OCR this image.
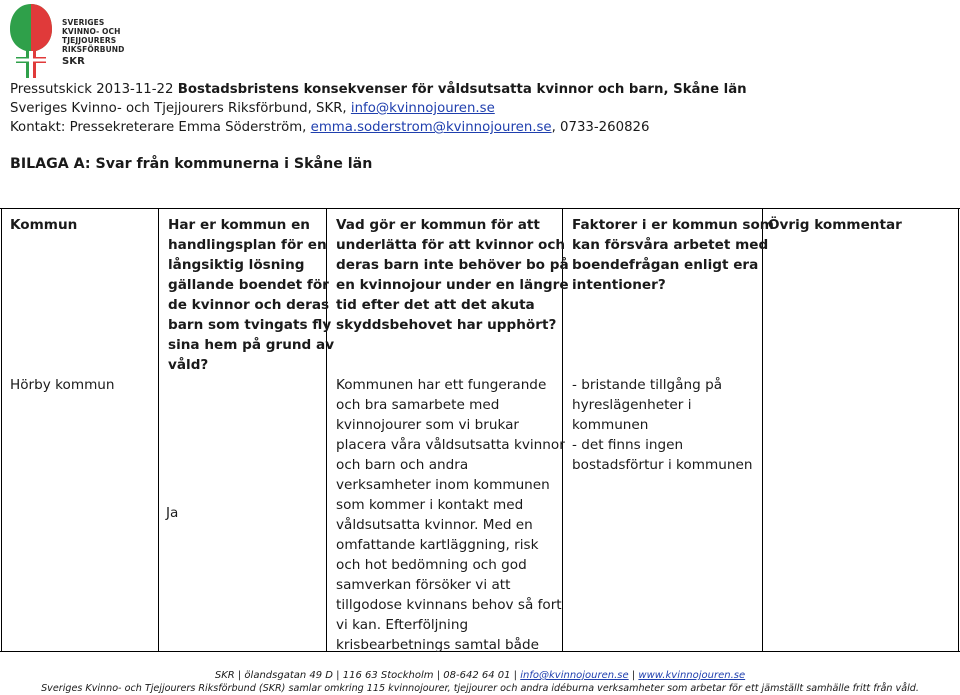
SVERIGES
KVINNO- OCH TJEJJOURERS
RIKSFÖRBUND
SKR
Pressutskick 2013-11-22 Bostadsbristens konsekvenser för våldsutsatta kvinnor och barn, Skåne län
Sveriges Kvinno- och Tjejjourers Riksförbund, SKR, info@kvinnojouren.se
Kontakt: Pressekreterare Emma Söderström, emma.soderstrom@kvinnojouren.se, 0733-260826
BILAGA A: Svar från kommunerna i Skåne län
Kommun	Har er kommun en
handlingsplan för en
långsiktig lösning
gällande boendet för
de kvinnor och deras
barn som tvingats fly
sina hem på grund av
våld?
Vad gör er kommun för att
underlätta för att kvinnor och
deras barn inte behöver bo på
en kvinnojour under en längre
tid efter det att det akuta
skyddsbehovet har upphört?
Faktorer i er kommun som
kan försvåra arbetet med
boendefrågan enligt era
intentioner?
Övrig kommentar
Hörby kommun
Ja
Kommunen har ett fungerande
och bra samarbete med
kvinnojourer som vi brukar
placera våra våldsutsatta kvinnor
och barn och andra
verksamheter inom kommunen
som kommer i kontakt med
våldsutsatta kvinnor. Med en
omfattande kartläggning, risk
och hot bedömning och god
samverkan försöker vi att
tillgodose kvinnans behov så fort
vi kan. Efterföljning
krisbearbetnings samtal både
- bristande tillgång på
hyreslägenheter i
kommunen
- det finns ingen
bostadsförtur i kommunen
SKR | ölandsgatan 49 D | 116 63 Stockholm | 08-642 64 01 | info@kvinnojouren.se | www.kvinnojouren.se
Sveriges Kvinno- och Tjejjourers Riksförbund (SKR) samlar omkring 115 kvinnojourer, tjejjourer och andra idéburna verksamheter som arbetar för ett jämställt samhälle fritt från våld.
